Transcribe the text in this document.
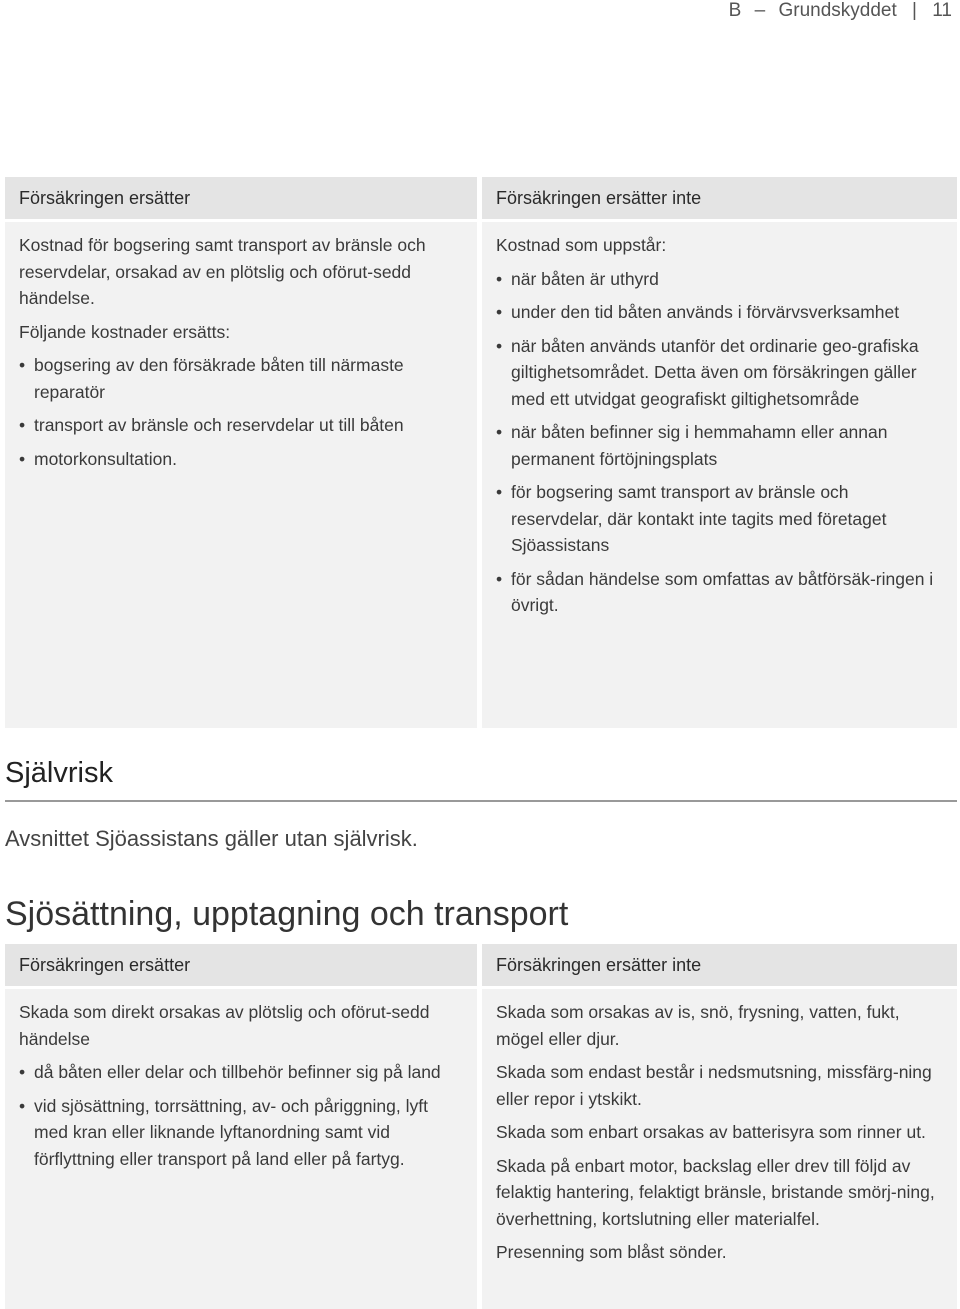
B – Grundskyddet | 11
Försäkringen ersätter

Kostnad för bogsering samt transport av bränsle och reservdelar, orsakad av en plötslig och oförut-sedd händelse.

Följande kostnader ersätts:

• bogsering av den försäkrade båten till närmaste reparatör
• transport av bränsle och reservdelar ut till båten
• motorkonsultation.
Försäkringen ersätter inte

Kostnad som uppstår:

• när båten är uthyrd
• under den tid båten används i förvärvsverksamhet
• när båten används utanför det ordinarie geo-grafiska giltighetsområdet. Detta även om försäkringen gäller med ett utvidgat geografiskt giltighetsområde
• när båten befinner sig i hemmahamn eller annan permanent förtöjningsplats
• för bogsering samt transport av bränsle och reservdelar, där kontakt inte tagits med företaget Sjöassistans
• för sådan händelse som omfattas av båtförsäk-ringen i övrigt.
Självrisk

Avsnittet Sjöassistans gäller utan självrisk.

Sjösättning, upptagning och transport
Försäkringen ersätter

Skada som direkt orsakas av plötslig och oförut-sedd händelse

• då båten eller delar och tillbehör befinner sig på land
• vid sjösättning, torrsättning, av- och påriggning, lyft med kran eller liknande lyftanordning samt vid förflyttning eller transport på land eller på fartyg.
Försäkringen ersätter inte

Skada som orsakas av is, snö, frysning, vatten, fukt, mögel eller djur.

Skada som endast består i nedsmutsning, missfärg-ning eller repor i ytskikt.

Skada som enbart orsakas av batterisyra som rinner ut.

Skada på enbart motor, backslag eller drev till följd av felaktig hantering, felaktigt bränsle, bristande smörj-ning, överhettning, kortslutning eller materialfel.

Presenning som blåst sönder.
